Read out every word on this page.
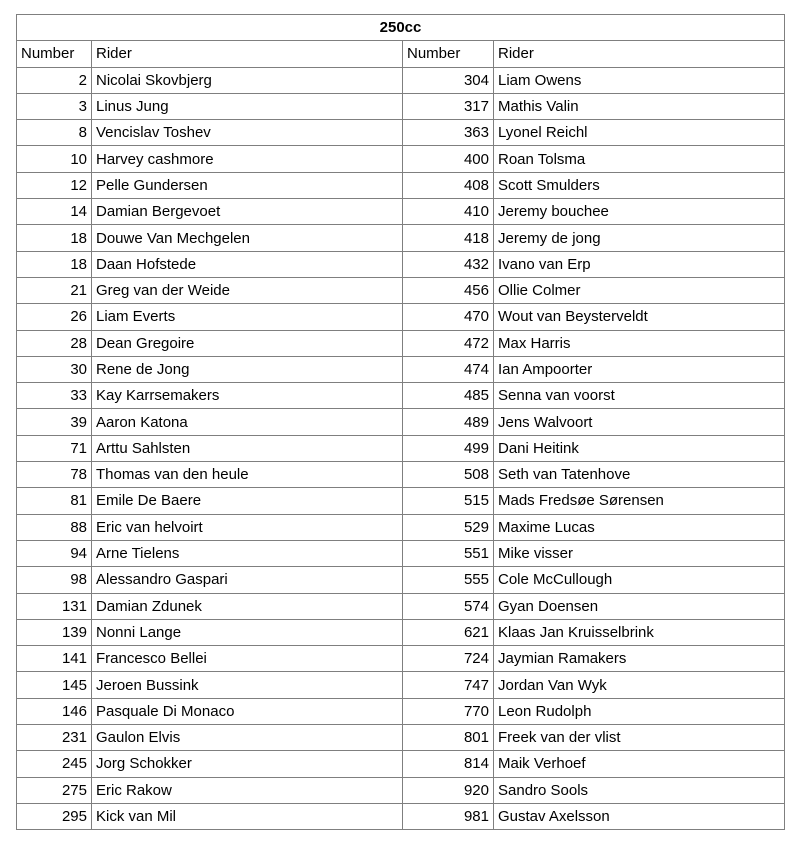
250cc			
Number	Rider	Number	Rider
2	Nicolai Skovbjerg	304	Liam Owens
3	Linus Jung	317	Mathis Valin
8	Vencislav Toshev	363	Lyonel Reichl
10	Harvey cashmore	400	Roan Tolsma
12	Pelle Gundersen	408	Scott Smulders
14	Damian Bergevoet	410	Jeremy bouchee
18	Douwe Van Mechgelen	418	Jeremy de jong
18	Daan Hofstede	432	Ivano van Erp
21	Greg van der Weide	456	Ollie Colmer
26	Liam Everts	470	Wout van Beysterveldt
28	Dean Gregoire	472	Max Harris
30	Rene de Jong	474	Ian Ampoorter
33	Kay Karrsemakers	485	Senna van voorst
39	Aaron Katona	489	Jens Walvoort
71	Arttu Sahlsten	499	Dani Heitink
78	Thomas van den heule	508	Seth van Tatenhove
81	Emile De Baere	515	Mads Fredsøe Sørensen
88	Eric van helvoirt	529	Maxime Lucas
94	Arne Tielens	551	Mike visser
98	Alessandro Gaspari	555	Cole McCullough
131	Damian Zdunek	574	Gyan Doensen
139	Nonni Lange	621	Klaas Jan Kruisselbrink
141	Francesco Bellei	724	Jaymian Ramakers
145	Jeroen Bussink	747	Jordan Van Wyk
146	Pasquale Di Monaco	770	Leon Rudolph
231	Gaulon Elvis	801	Freek van der vlist
245	Jorg Schokker	814	Maik Verhoef
275	Eric Rakow	920	Sandro Sools
295	Kick van Mil	981	Gustav Axelsson
